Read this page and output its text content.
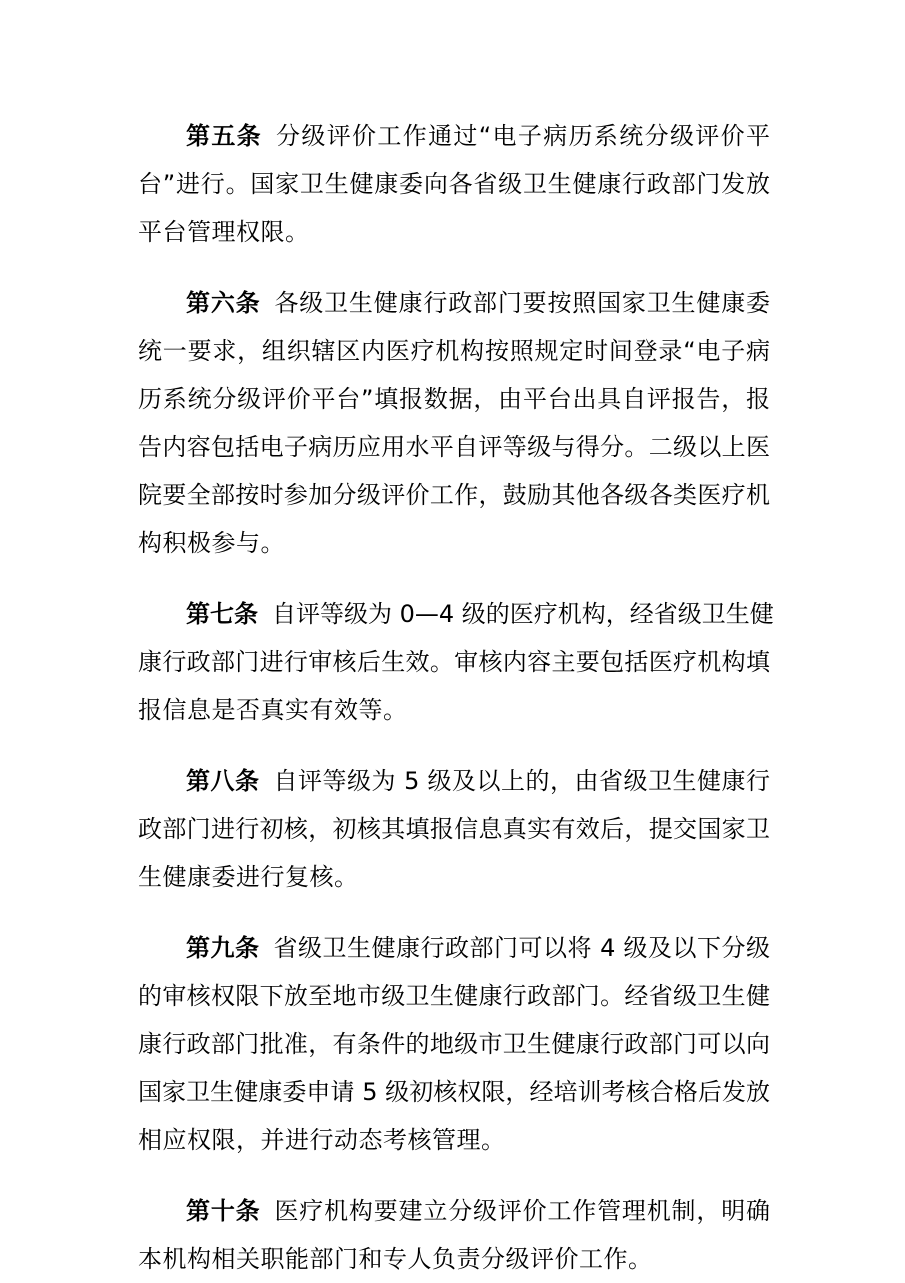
第五条 分级评价工作通过“电子病历系统分级评价平
台”进行。国家卫生健康委向各省级卫生健康行政部门发放
平台管理权限。
第六条 各级卫生健康行政部门要按照国家卫生健康委
统一要求，组织辖区内医疗机构按照规定时间登录“电子病
历系统分级评价平台”填报数据，由平台出具自评报告，报
告内容包括电子病历应用水平自评等级与得分。二级以上医
院要全部按时参加分级评价工作，鼓励其他各级各类医疗机
构积极参与。
第七条 自评等级为 0—4 级的医疗机构，经省级卫生健
康行政部门进行审核后生效。审核内容主要包括医疗机构填
报信息是否真实有效等。
第八条 自评等级为 5 级及以上的，由省级卫生健康行
政部门进行初核，初核其填报信息真实有效后，提交国家卫
生健康委进行复核。
第九条 省级卫生健康行政部门可以将 4 级及以下分级
的审核权限下放至地市级卫生健康行政部门。经省级卫生健
康行政部门批准，有条件的地级市卫生健康行政部门可以向
国家卫生健康委申请 5 级初核权限，经培训考核合格后发放
相应权限，并进行动态考核管理。
第十条 医疗机构要建立分级评价工作管理机制，明确
本机构相关职能部门和专人负责分级评价工作。
